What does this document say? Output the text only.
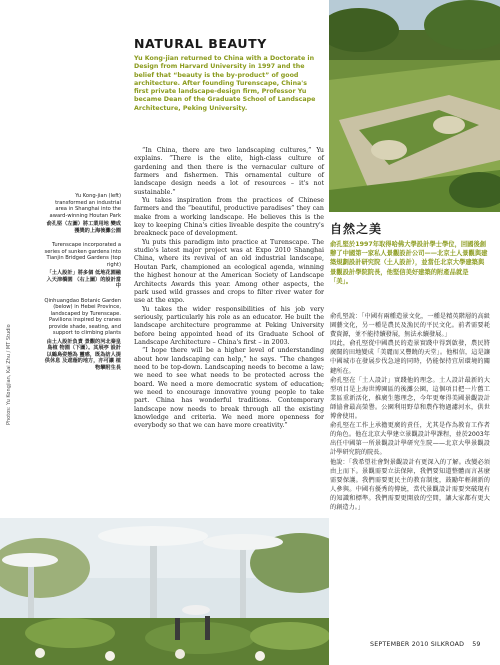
Photos: Yu Kongjian, Kai Zhu / MT Studio
NATURAL BEAUTY
Yu Kong-jian returned to China with a Doctorate in Design from Harvard University in 1997 and the belief that “beauty is the by-product” of good architecture. After founding Turenscape, China's first private landscape-design firm, Professor Yu became Dean of the Graduate School of Landscape Architecture, Peking University.

“In China, there are two landscaping cultures,” Yu explains. “There is the elite, high-class culture of gardening and then there is the vernacular culture of farmers and fishermen. This ornamental culture of landscape design needs a lot of resources – it's not sustainable.”

Yu takes inspiration from the practices of Chinese farmers and the “beautiful, productive paradises” they can make from a working landscape. He believes this is the key to keeping China's cities liveable despite the country's breakneck pace of development.

Yu puts this paradigm into practice at Turenscape. The studio's latest major project was at Expo 2010 Shanghai China, where its revival of an old industrial landscape, Houtan Park, championed an ecological agenda, winning the highest honour at the American Society of Landscape Architects Awards this year. Among other aspects, the park used wild grasses and crops to filter river water for use at the expo.

Yu takes the wider responsibilities of his job very seriously, particularly his role as an educator. He built the landscape architecture programme at Peking University before being appointed head of its Graduate School of Landscape Architecture – China's first – in 2003.

“I hope there will be a higher level of understanding about how landscaping can help,” he says. “The changes need to be top-down. Landscaping needs to become a law; we need to see what needs to be protected across the board. We need a more democratic system of education; we need to encourage innovative young people to take part. China has wonderful traditions. Contemporary landscape now needs to break through all the existing knowledge and criteria. We need more openness for everybody so that we can have more creativity.”

Yu Kong-jian (left) transformed an industrial area in Shanghai into the award-winning Houtan Park
俞孔堅（左圖）將工業用地 變成獲獎的上海後灘公園
Turenscape incorporated a series of sunken gardens into Tianjin Bridged Gardens (top right)
「土人設計」將多個 低地花園融入天津橋園 （右上圖）的設計當中
Qinhuangdao Botanic Garden (below) in Hebei Province, landscaped by Turenscape. Pavilions inspired by cranes provide shade, seating, and support to climbing plants
由土人設計負責 景觀的河北秦皇島植 物園（下圖）。其展亭 設計以鶴鳥姿態為 靈感，既為訪人提供休息 及遮蔭的地方，亦可讓 植物攀附生長
自然之美
俞孔堅於1997年取得哈佛大學設計學士學位，回國後創辦了中國第一家私人景觀設計公司——北京土人景觀與建築規劃設計研究院（土人設計），並當任北京大學建築與景觀設計學院院長，他堅信美好建築的附產品就是「美」。

俞孔堅說：「中國有兩種造景文化，一種是精英階層的高級園藝文化，另一種是農民及漁民的平民文化。前者需要耗費資源，並不能持續發展，無法永續發展。」

因此，俞孔堅從中國農民的造景實踐中得到啟發，農民將廣闊的田地變成「美麗而又豐饒的天堂」。他相信，這是讓中國城市在發展步伐急速的同時，仍能保持宜居環境的關鍵所在。

俞孔堅在「土人設計」實踐他的理念。土人設計最新的大型項目是上海世博園區的後灘公園，這個項目把一片舊工業區重新活化，推廣生態理念，今年更奪得美國景觀設計師協會最高榮譽。公園利用野草和農作物過濾河水，供世博會使用。

俞孔堅在工作上承擔更廣的責任，尤其是作為教育工作者的角色。他在北京大學建立景觀設計學課程，並於2003年出任中國第一所景觀設計學研究生院——北京大學景觀設計學研究院的院長。

他說：「我希望社會對景觀設計有更深入的了解。改變必須由上而下。景觀需要立法保障，我們要知道整體而言甚麼需要保護。我們需要更民主的教育制度，鼓勵年輕創新的人參與。中國有優秀的傳統，當代景觀設計需要突破現有的知識和標準。我們需要更開放的空間，讓大家都有更大的創造力。」

SEPTEMBER 2010 SILKROAD 59
